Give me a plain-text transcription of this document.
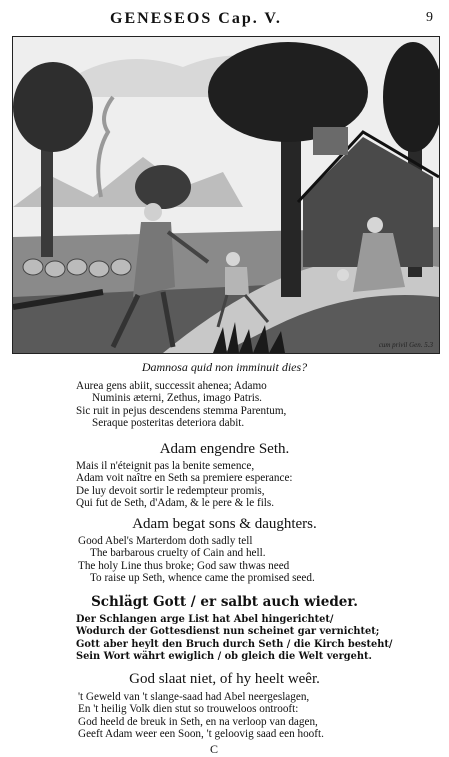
GENESEOS Cap. V.	9
cum privil Gen. 5.3
Damnosa quid non imminuit dies?
Aurea gens abiit, successit ahenea; Adamo
Numinis æterni, Zethus, imago Patris.
Sic ruit in pejus descendens stemma Parentum,
Seraque posteritas deteriora dabit.
Adam engendre Seth.
Mais il n'éteignit pas la benite semence,
Adam voit naître en Seth sa premiere esperance:
De luy devoit sortir le redempteur promis,
Qui fut de Seth, d'Adam, & le pere & le fils.
Adam begat sons & daughters.
Good Abel's Marterdom doth sadly tell
The barbarous cruelty of Cain and hell.
The holy Line thus broke; God saw thwas need
To raise up Seth, whence came the promised seed.
Schlägt Gott / er salbt auch wieder.
Der Schlangen arge List hat Abel hingerichtet/
Wodurch der Gottesdienst nun scheinet gar vernichtet;
Gott aber heylt den Bruch durch Seth / die Kirch besteht/
Sein Wort währt ewiglich / ob gleich die Welt vergeht.
God slaat niet, of hy heelt weêr.
't Geweld van 't slange-saad had Abel neergeslagen,
En 't heilig Volk dien stut so trouweloos ontrooft:
God heeld de breuk in Seth, en na verloop van dagen,
Geeft Adam weer een Soon, 't geloovig saad een hooft.
C
